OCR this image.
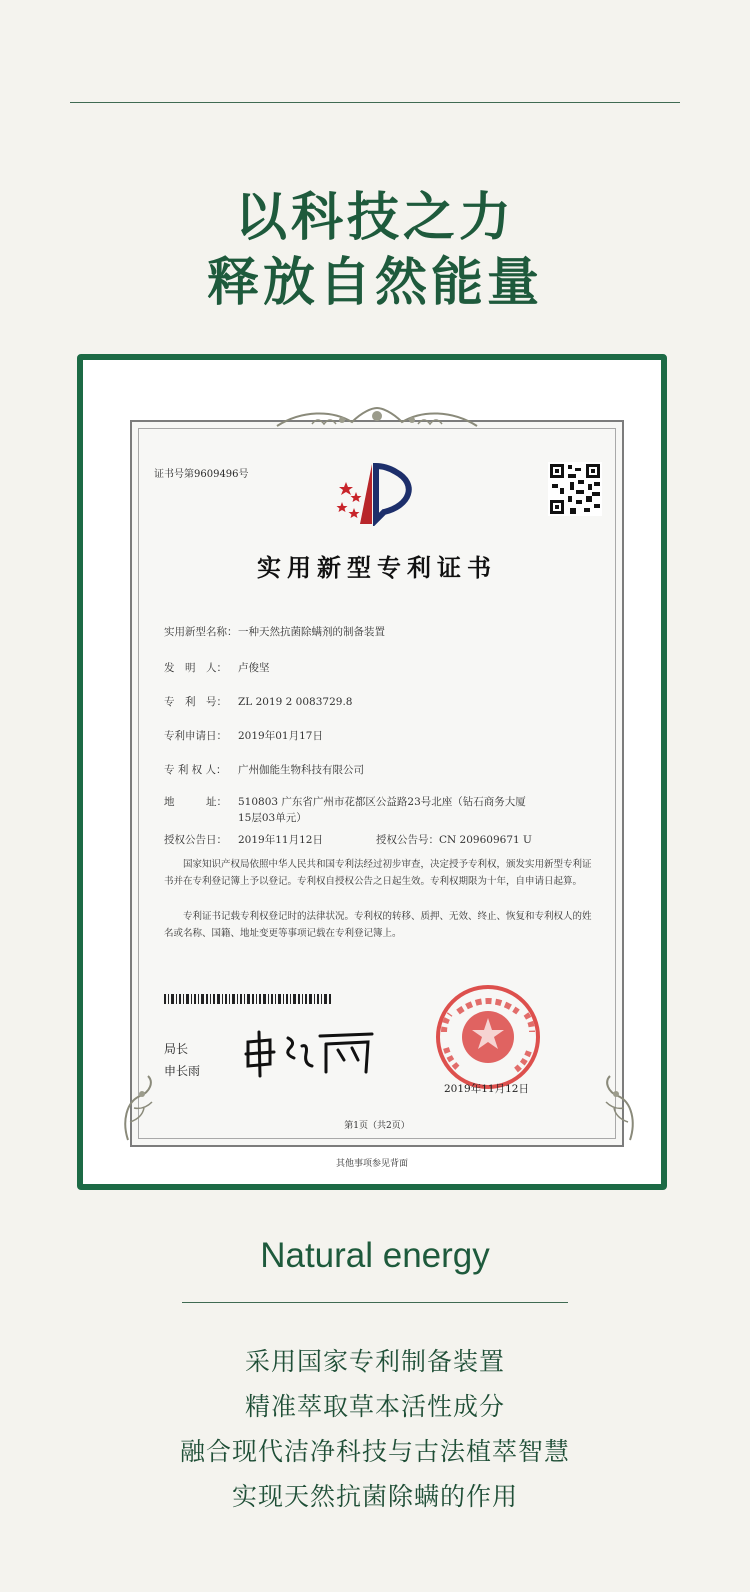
以科技之力
释放自然能量
证书号第9609496号
实用新型专利证书
实用新型名称：一种天然抗菌除螨剂的制备装置
发　明　人： 卢俊坚
专　利　号： ZL 2019 2 0083729.8
专利申请日： 2019年01月17日
专 利 权 人： 广州伽能生物科技有限公司
地　　　址： 510803 广东省广州市花都区公益路23号北座（钻石商务大厦15层03单元）
授权公告日： 2019年11月12日	授权公告号：CN 209609671 U
国家知识产权局依照中华人民共和国专利法经过初步审查，决定授予专利权，颁发实用新型专利证书并在专利登记簿上予以登记。专利权自授权公告之日起生效。专利权期限为十年，自申请日起算。
专利证书记载专利权登记时的法律状况。专利权的转移、质押、无效、终止、恢复和专利权人的姓名或名称、国籍、地址变更等事项记载在专利登记簿上。
局长
申长雨
2019年11月12日
第1页（共2页）
其他事项参见背面
Natural energy
采用国家专利制备装置
精准萃取草本活性成分
融合现代洁净科技与古法植萃智慧
实现天然抗菌除螨的作用
